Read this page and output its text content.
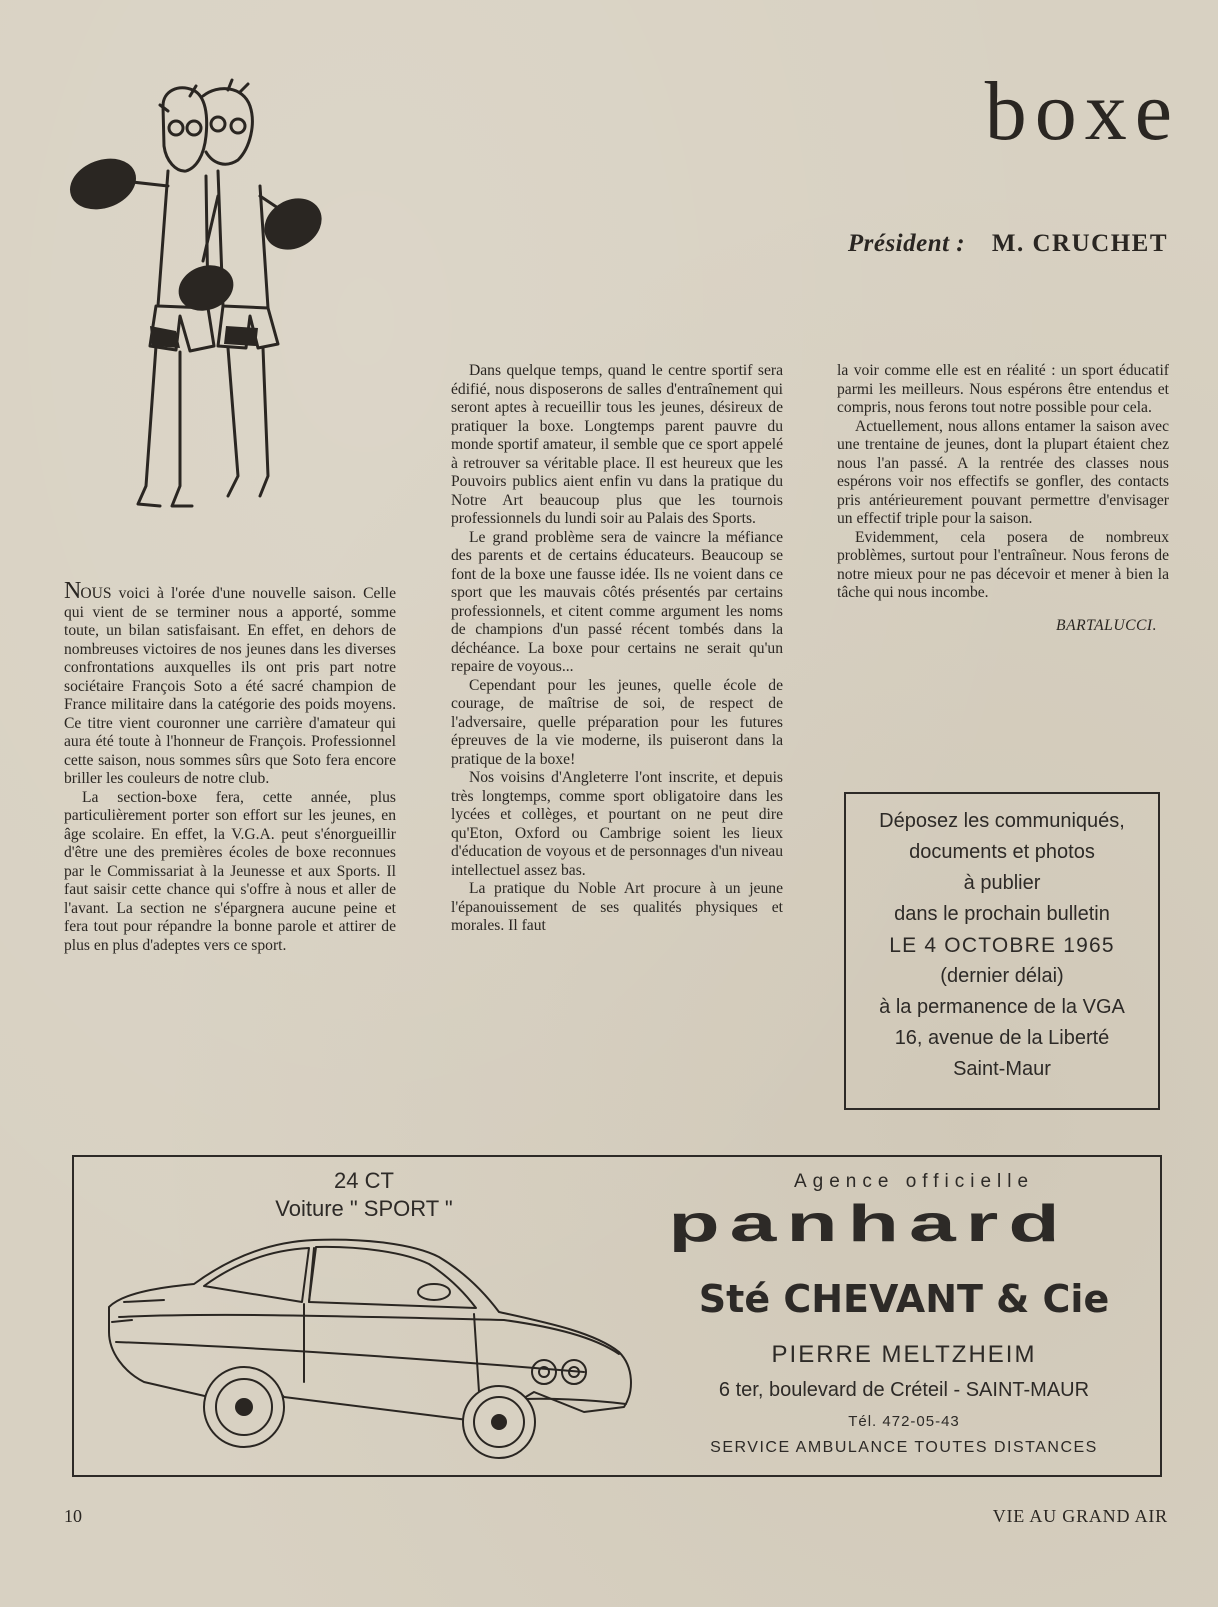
boxe
Président : M. CRUCHET

NOUS voici à l'orée d'une nouvelle saison. Celle qui vient de se terminer nous a apporté, somme toute, un bilan satisfaisant. En effet, en dehors de nombreuses victoires de nos jeunes dans les diverses confrontations auxquelles ils ont pris part notre sociétaire François Soto a été sacré champion de France militaire dans la catégorie des poids moyens. Ce titre vient couronner une carrière d'amateur qui aura été toute à l'honneur de François. Professionnel cette saison, nous sommes sûrs que Soto fera encore briller les couleurs de notre club.

La section-boxe fera, cette année, plus particulièrement porter son effort sur les jeunes, en âge scolaire. En effet, la V.G.A. peut s'énorgueillir d'être une des premières écoles de boxe reconnues par le Commissariat à la Jeunesse et aux Sports. Il faut saisir cette chance qui s'offre à nous et aller de l'avant. La section ne s'épargnera aucune peine et fera tout pour répandre la bonne parole et attirer de plus en plus d'adeptes vers ce sport.

Dans quelque temps, quand le centre sportif sera édifié, nous disposerons de salles d'entraînement qui seront aptes à recueillir tous les jeunes, désireux de pratiquer la boxe. Longtemps parent pauvre du monde sportif amateur, il semble que ce sport appelé à retrouver sa véritable place. Il est heureux que les Pouvoirs publics aient enfin vu dans la pratique du Notre Art beaucoup plus que les tournois professionnels du lundi soir au Palais des Sports.

Le grand problème sera de vaincre la méfiance des parents et de certains éducateurs. Beaucoup se font de la boxe une fausse idée. Ils ne voient dans ce sport que les mauvais côtés présentés par certains professionnels, et citent comme argument les noms de champions d'un passé récent tombés dans la déchéance. La boxe pour certains ne serait qu'un repaire de voyous...

Cependant pour les jeunes, quelle école de courage, de maîtrise de soi, de respect de l'adversaire, quelle préparation pour les futures épreuves de la vie moderne, ils puiseront dans la pratique de la boxe!

Nos voisins d'Angleterre l'ont inscrite, et depuis très longtemps, comme sport obligatoire dans les lycées et collèges, et pourtant on ne peut dire qu'Eton, Oxford ou Cambrige soient les lieux d'éducation de voyous et de personnages d'un niveau intellectuel assez bas.

La pratique du Noble Art procure à un jeune l'épanouissement de ses qualités physiques et morales. Il faut

la voir comme elle est en réalité : un sport éducatif parmi les meilleurs. Nous espérons être entendus et compris, nous ferons tout notre possible pour cela.

Actuellement, nous allons entamer la saison avec une trentaine de jeunes, dont la plupart étaient chez nous l'an passé. A la rentrée des classes nous espérons voir nos effectifs se gonfler, des contacts pris antérieurement pouvant permettre d'envisager un effectif triple pour la saison.

Evidemment, cela posera de nombreux problèmes, surtout pour l'entraîneur. Nous ferons de notre mieux pour ne pas décevoir et mener à bien la tâche qui nous incombe.

BARTALUCCI.
Déposez les communiqués,
documents et photos
à publier
dans le prochain bulletin
LE 4 OCTOBRE 1965
(dernier délai)
à la permanence de la VGA
16, avenue de la Liberté
Saint-Maur
24 CT
Voiture " SPORT "
Agence officielle
panhard
Sté CHEVANT & Cie
PIERRE MELTZHEIM
6 ter, boulevard de Créteil - SAINT-MAUR
Tél. 472-05-43
SERVICE AMBULANCE TOUTES DISTANCES
10	VIE AU GRAND AIR
